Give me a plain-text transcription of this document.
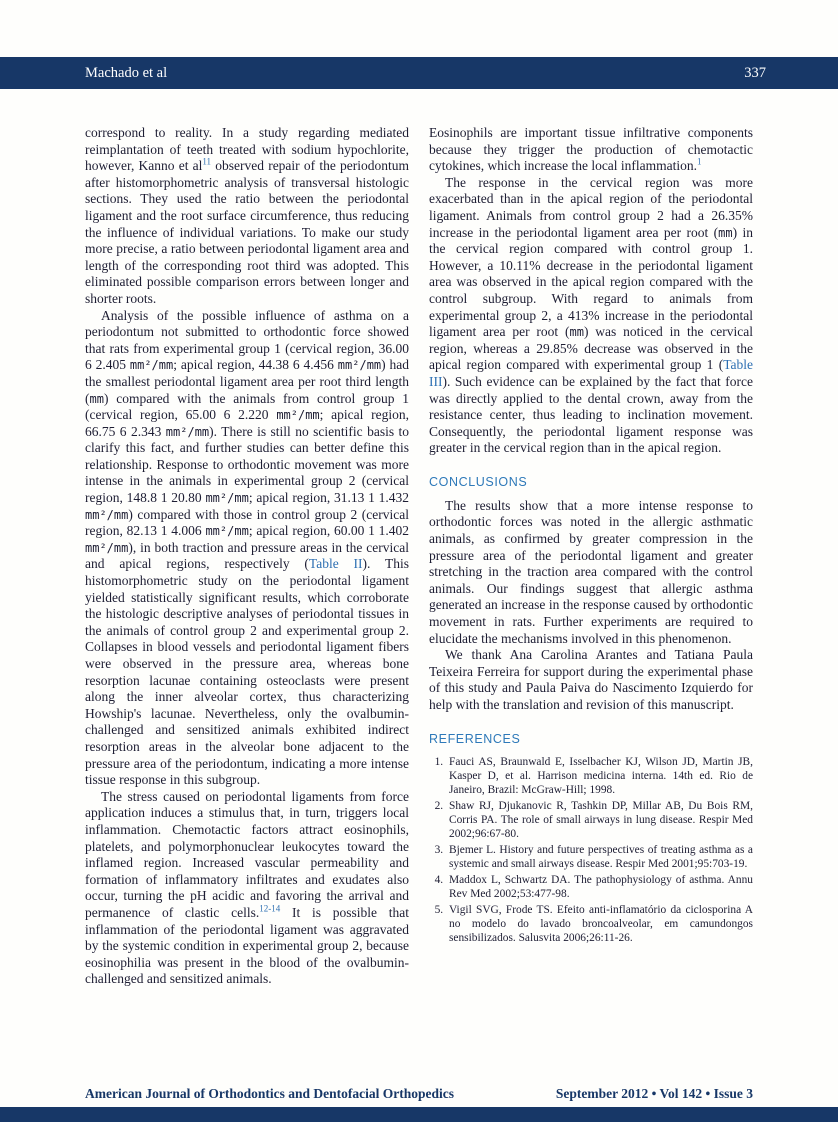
Machado et al	337

correspond to reality. In a study regarding mediated reimplantation of teeth treated with sodium hypochlorite, however, Kanno et $al^{11}$ observed repair of the periodontum after histomorphometric analysis of transversal histologic sections. They used the ratio between the periodontal ligament and the root surface circumference, thus reducing the influence of individual variations. To make our study more precise, a ratio between periodontal ligament area and length of the corresponding root third was adopted. This eliminated possible comparison errors between longer and shorter roots.

Analysis of the possible influence of asthma on a periodontum not submitted to orthodontic force showed that rats from experimental group 1 (cervical region, 36.00 6 2.405 mm²/mm; apical region, 44.38 6 4.456 mm²/mm) had the smallest periodontal ligament area per root third length (mm) compared with the animals from control group 1 (cervical region, 65.00 6 2.220 mm²/mm; apical region, 66.75 6 2.343 mm²/mm). There is still no scientific basis to clarify this fact, and further studies can better define this relationship. Response to orthodontic movement was more intense in the animals in experimental group 2 (cervical region, 148.8 1 20.80 mm²/mm; apical region, 31.13 1 1.432 mm²/mm) compared with those in control group 2 (cervical region, 82.13 1 4.006 mm²/mm; apical region, 60.00 1 1.402 mm²/mm), in both traction and pressure areas in the cervical and apical regions, respectively (Table II). This histomorphometric study on the periodontal ligament yielded statistically significant results, which corroborate the histologic descriptive analyses of periodontal tissues in the animals of control group 2 and experimental group 2. Collapses in blood vessels and periodontal ligament fibers were observed in the pressure area, whereas bone resorption lacunae containing osteoclasts were present along the inner alveolar cortex, thus characterizing Howship's lacunae. Nevertheless, only the ovalbumin-challenged and sensitized animals exhibited indirect resorption areas in the alveolar bone adjacent to the pressure area of the periodontum, indicating a more intense tissue response in this subgroup.

The stress caused on periodontal ligaments from force application induces a stimulus that, in turn, triggers local inflammation. Chemotactic factors attract eosinophils, platelets, and polymorphonuclear leukocytes toward the inflamed region. Increased vascular permeability and formation of inflammatory infiltrates and exudates also occur, turning the pH acidic and favoring the arrival and permanence of clastic cells.$^{12-14}$ It is possible that inflammation of the periodontal ligament was aggravated by the systemic condition in experimental group 2, because eosinophilia was present in the blood of the ovalbumin-challenged and sensitized animals.

Eosinophils are important tissue infiltrative components because they trigger the production of chemotactic cytokines, which increase the local inflammation.$^1$

The response in the cervical region was more exacerbated than in the apical region of the periodontal ligament. Animals from control group 2 had a 26.35% increase in the periodontal ligament area per root (mm) in the cervical region compared with control group 1. However, a 10.11% decrease in the periodontal ligament area was observed in the apical region compared with the control subgroup. With regard to animals from experimental group 2, a 413% increase in the periodontal ligament area per root (mm) was noticed in the cervical region, whereas a 29.85% decrease was observed in the apical region compared with experimental group 1 (Table III). Such evidence can be explained by the fact that force was directly applied to the dental crown, away from the resistance center, thus leading to inclination movement. Consequently, the periodontal ligament response was greater in the cervical region than in the apical region.

CONCLUSIONS

The results show that a more intense response to orthodontic forces was noted in the allergic asthmatic animals, as confirmed by greater compression in the pressure area of the periodontal ligament and greater stretching in the traction area compared with the control animals. Our findings suggest that allergic asthma generated an increase in the response caused by orthodontic movement in rats. Further experiments are required to elucidate the mechanisms involved in this phenomenon.

We thank Ana Carolina Arantes and Tatiana Paula Teixeira Ferreira for support during the experimental phase of this study and Paula Paiva do Nascimento Izquierdo for help with the translation and revision of this manuscript.

REFERENCES
1. Fauci AS, Braunwald E, Isselbacher KJ, Wilson JD, Martin JB, Kasper D, et al. Harrison medicina interna. 14th ed. Rio de Janeiro, Brazil: McGraw-Hill; 1998.
2. Shaw RJ, Djukanovic R, Tashkin DP, Millar AB, Du Bois RM, Corris PA. The role of small airways in lung disease. Respir Med 2002;96:67-80.
3. Bjemer L. History and future perspectives of treating asthma as a systemic and small airways disease. Respir Med 2001;95:703-19.
4. Maddox L, Schwartz DA. The pathophysiology of asthma. Annu Rev Med 2002;53:477-98.
5. Vigil SVG, Frode TS. Efeito anti-inflamatório da ciclosporina A no modelo do lavado broncoalveolar, em camundongos sensibilizados. Salusvita 2006;26:11-26.
American Journal of Orthodontics and Dentofacial Orthopedics	September 2012 • Vol 142 • Issue 3
